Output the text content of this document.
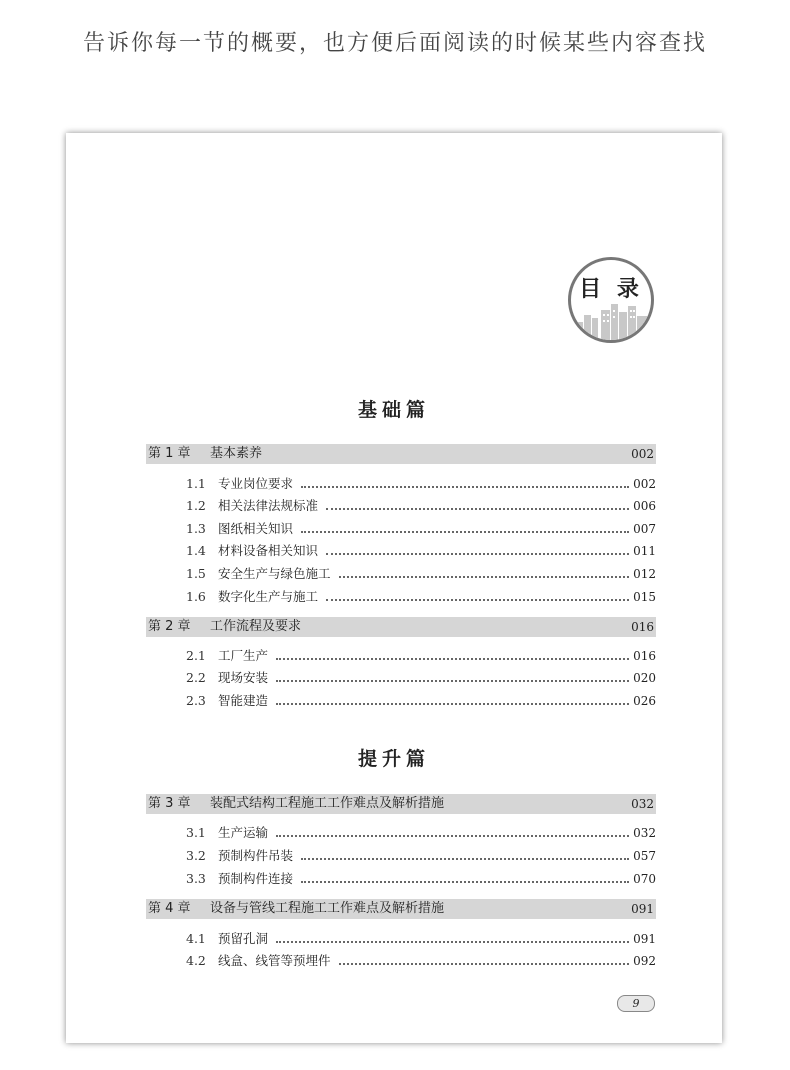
告诉你每一节的概要，也方便后面阅读的时候某些内容查找
目 录
基础篇
第 1 章 基本素养	002
1.1 专业岗位要求	002
1.2 相关法律法规标准	006
1.3 图纸相关知识	007
1.4 材料设备相关知识	011
1.5 安全生产与绿色施工	012
1.6 数字化生产与施工	015
第 2 章 工作流程及要求	016
2.1 工厂生产	016
2.2 现场安装	020
2.3 智能建造	026
提升篇
第 3 章 装配式结构工程施工工作难点及解析措施	032
3.1 生产运输	032
3.2 预制构件吊装	057
3.3 预制构件连接	070
第 4 章 设备与管线工程施工工作难点及解析措施	091
4.1 预留孔洞	091
4.2 线盒、线管等预埋件	092
9
